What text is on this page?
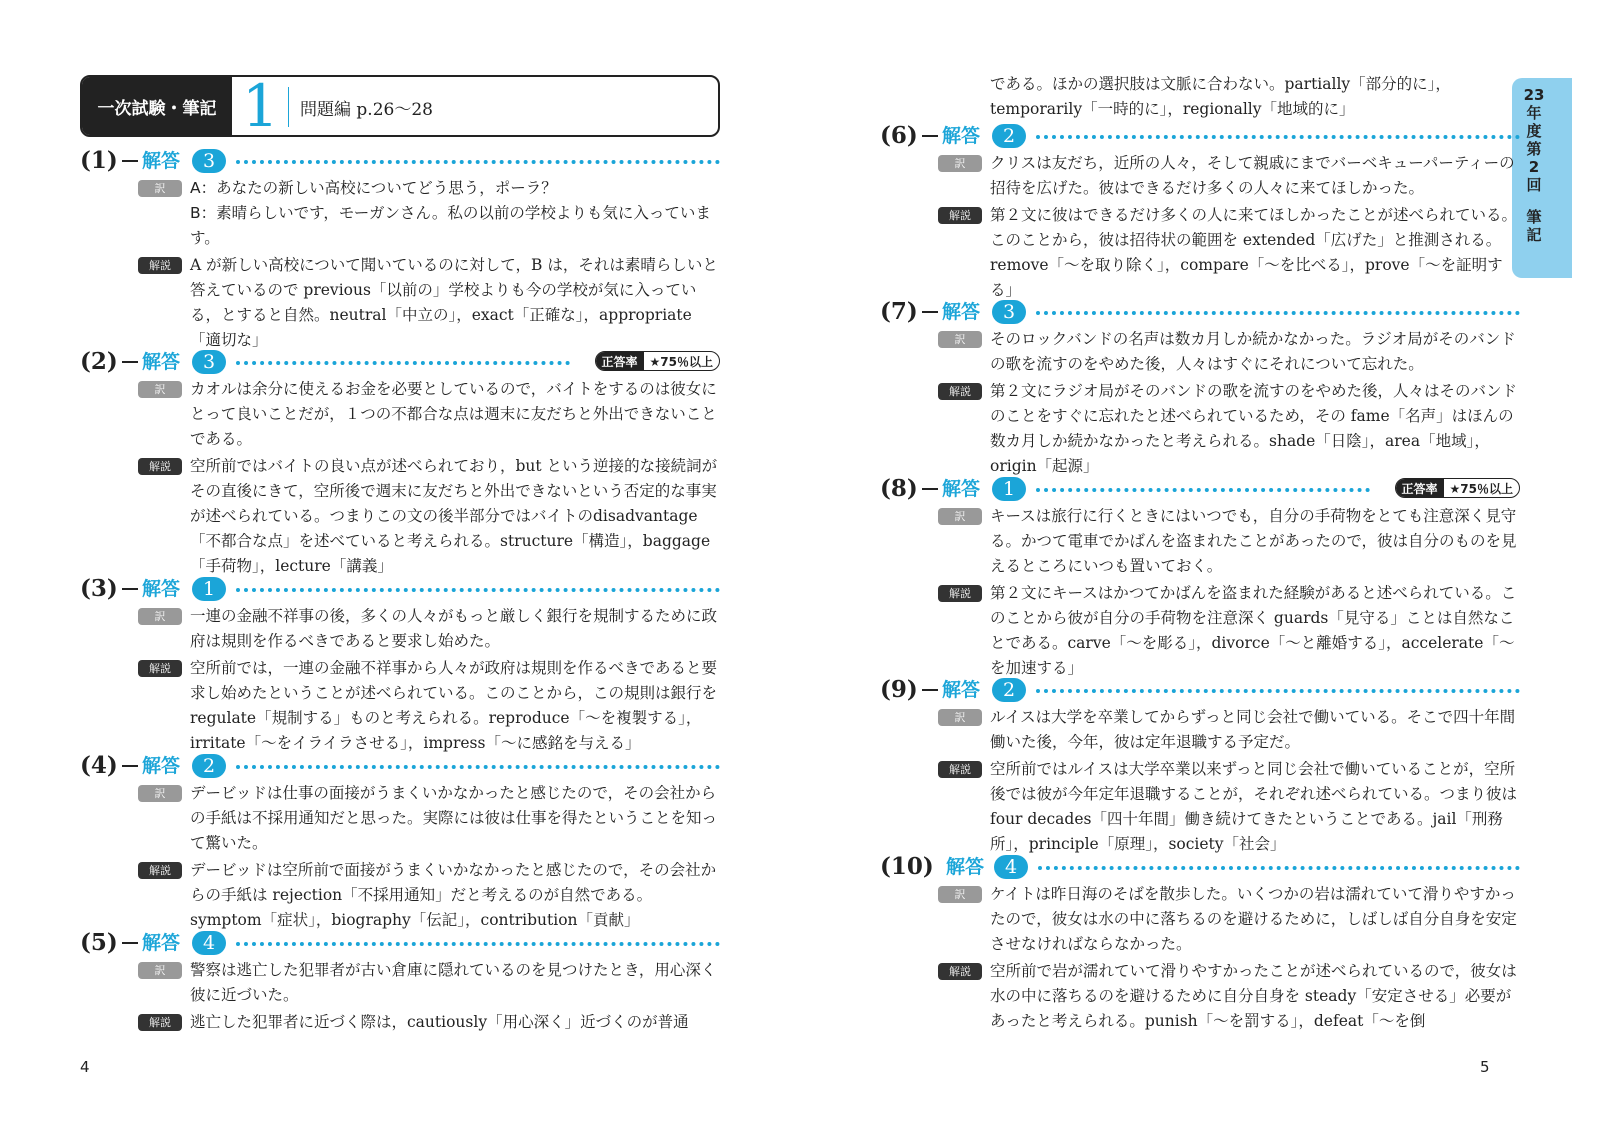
一次試験・筆記 1 問題編 p.26～28
23
年
度
第
2
回
筆
記
である。ほかの選択肢は文脈に合わない。partially「部分的に」，temporarily「一時的に」，regionally「地域的に」
(1) 解答	3
訳	A：あなたの新しい高校についてどう思う，ポーラ？
B：素晴らしいです，モーガンさん。私の以前の学校よりも気に入っています。
解説	A が新しい高校について聞いているのに対して，B は，それは素晴らしいと答えているので previous「以前の」学校よりも今の学校が気に入っている，とすると自然。neutral「中立の」，exact「正確な」，appropriate「適切な」
(2) 解答	3	正答率	★75％以上
訳	カオルは余分に使えるお金を必要としているので，バイトをするのは彼女にとって良いことだが，１つの不都合な点は週末に友だちと外出できないことである。
解説	空所前ではバイトの良い点が述べられており，but という逆接的な接続詞がその直後にきて，空所後で週末に友だちと外出できないという否定的な事実が述べられている。つまりこの文の後半部分ではバイトのdisadvantage「不都合な点」を述べていると考えられる。structure「構造」，baggage「手荷物」，lecture「講義」
(3) 解答	1
訳	一連の金融不祥事の後，多くの人々がもっと厳しく銀行を規制するために政府は規則を作るべきであると要求し始めた。
解説	空所前では，一連の金融不祥事から人々が政府は規則を作るべきであると要求し始めたということが述べられている。このことから，この規則は銀行を regulate「規制する」ものと考えられる。reproduce「～を複製する」，irritate「～をイライラさせる」，impress「～に感銘を与える」
(4) 解答	2
訳	デービッドは仕事の面接がうまくいかなかったと感じたので，その会社からの手紙は不採用通知だと思った。実際には彼は仕事を得たということを知って驚いた。
解説	デービッドは空所前で面接がうまくいかなかったと感じたので，その会社からの手紙は rejection「不採用通知」だと考えるのが自然である。symptom「症状」，biography「伝記」，contribution「貢献」
(5) 解答	4
訳	警察は逃亡した犯罪者が古い倉庫に隠れているのを見つけたとき，用心深く彼に近づいた。
解説	逃亡した犯罪者に近づく際は，cautiously「用心深く」近づくのが普通
(6) 解答	2
訳	クリスは友だち，近所の人々，そして親戚にまでバーベキューパーティーの招待を広げた。彼はできるだけ多くの人々に来てほしかった。
解説	第２文に彼はできるだけ多くの人に来てほしかったことが述べられている。このことから，彼は招待状の範囲を extended「広げた」と推測される。remove「～を取り除く」，compare「～を比べる」，prove「～を証明する」
(7) 解答	3
訳	そのロックバンドの名声は数カ月しか続かなかった。ラジオ局がそのバンドの歌を流すのをやめた後，人々はすぐにそれについて忘れた。
解説	第２文にラジオ局がそのバンドの歌を流すのをやめた後，人々はそのバンドのことをすぐに忘れたと述べられているため，その fame「名声」はほんの数カ月しか続かなかったと考えられる。shade「日陰」，area「地域」，origin「起源」
(8) 解答	1	正答率	★75％以上
訳	キースは旅行に行くときにはいつでも，自分の手荷物をとても注意深く見守る。かつて電車でかばんを盗まれたことがあったので，彼は自分のものを見えるところにいつも置いておく。
解説	第２文にキースはかつてかばんを盗まれた経験があると述べられている。このことから彼が自分の手荷物を注意深く guards「見守る」ことは自然なことである。carve「～を彫る」，divorce「～と離婚する」，accelerate「～を加速する」
(9) 解答	2
訳	ルイスは大学を卒業してからずっと同じ会社で働いている。そこで四十年間働いた後，今年，彼は定年退職する予定だ。
解説	空所前ではルイスは大学卒業以来ずっと同じ会社で働いていることが，空所後では彼が今年定年退職することが，それぞれ述べられている。つまり彼は four decades「四十年間」働き続けてきたということである。jail「刑務所」，principle「原理」，society「社会」
(10) 解答	4
訳	ケイトは昨日海のそばを散歩した。いくつかの岩は濡れていて滑りやすかったので，彼女は水の中に落ちるのを避けるために，しばしば自分自身を安定させなければならなかった。
解説	空所前で岩が濡れていて滑りやすかったことが述べられているので，彼女は水の中に落ちるのを避けるために自分自身を steady「安定させる」必要があったと考えられる。punish「～を罰する」，defeat「～を倒
4	5
